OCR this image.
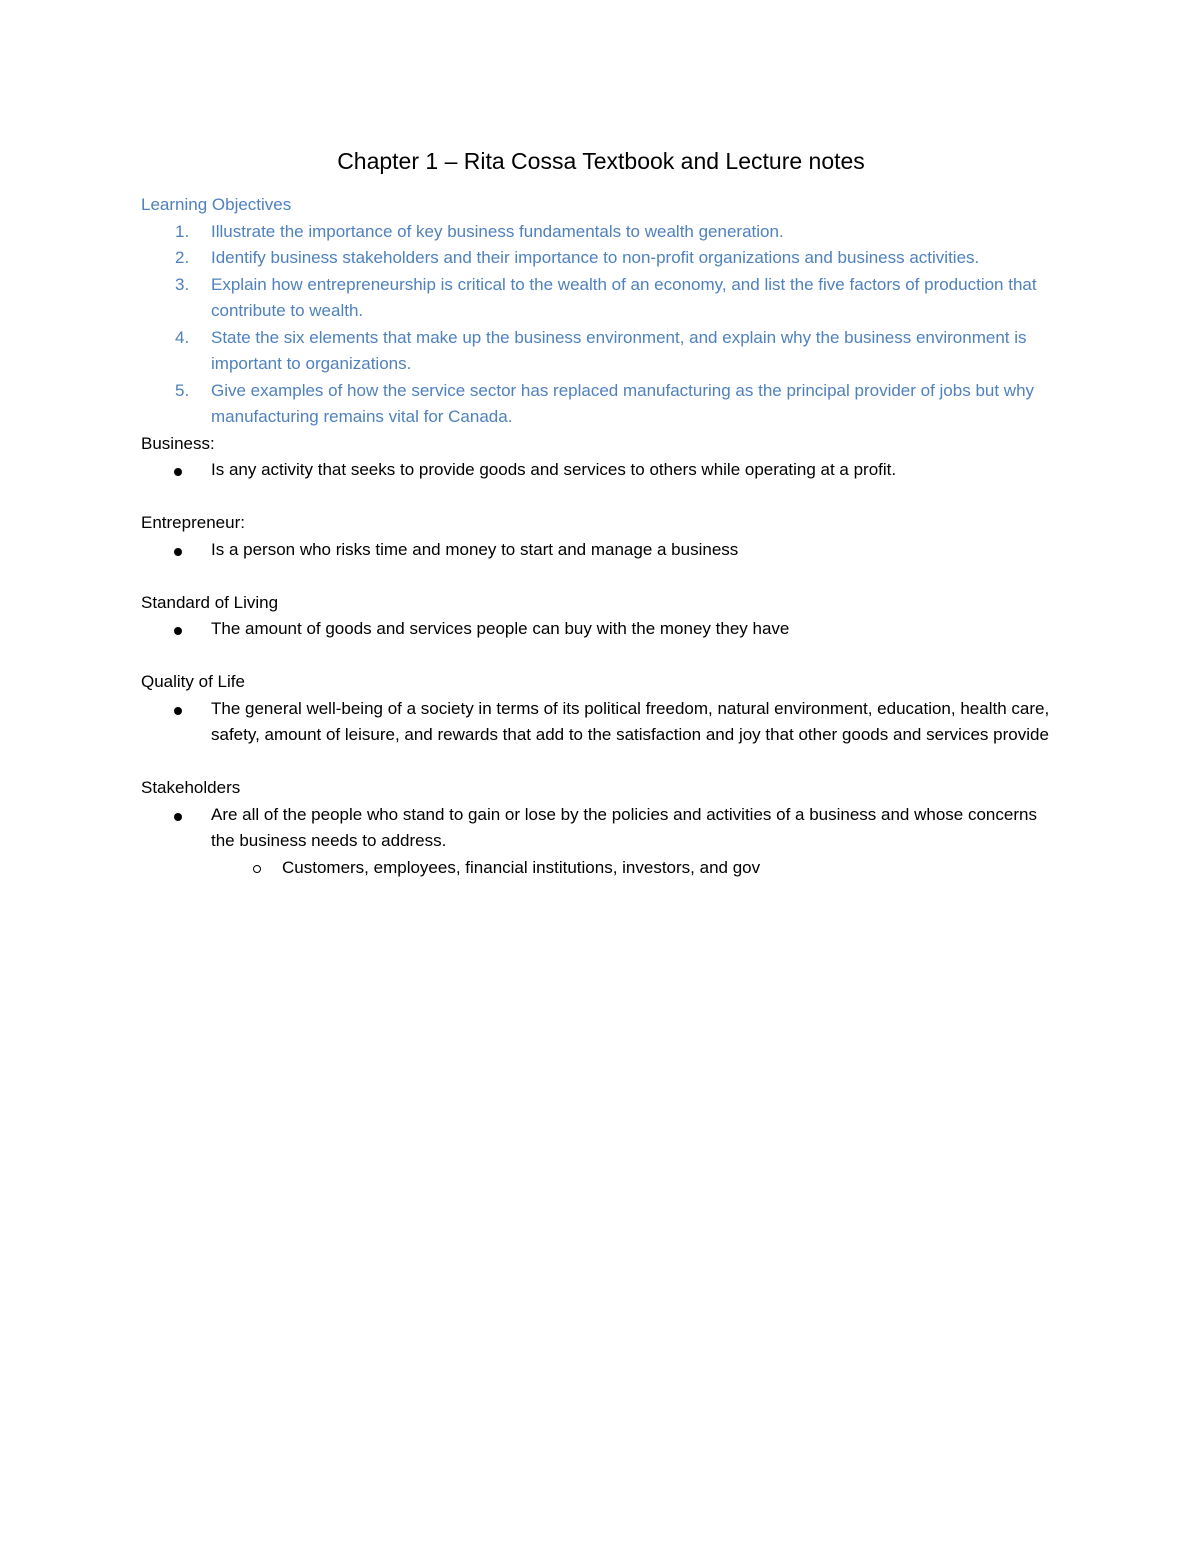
Chapter 1 – Rita Cossa Textbook and Lecture notes
Learning Objectives
1. Illustrate the importance of key business fundamentals to wealth generation.
2. Identify business stakeholders and their importance to non-profit organizations and business activities.
3. Explain how entrepreneurship is critical to the wealth of an economy, and list the five factors of production that contribute to wealth.
4. State the six elements that make up the business environment, and explain why the business environment is important to organizations.
5. Give examples of how the service sector has replaced manufacturing as the principal provider of jobs but why manufacturing remains vital for Canada.
Business:
Is any activity that seeks to provide goods and services to others while operating at a profit.
Entrepreneur:
Is a person who risks time and money to start and manage a business
Standard of Living
The amount of goods and services people can buy with the money they have
Quality of Life
The general well-being of a society in terms of its political freedom, natural environment, education, health care, safety, amount of leisure, and rewards that add to the satisfaction and joy that other goods and services provide
Stakeholders
Are all of the people who stand to gain or lose by the policies and activities of a business and whose concerns the business needs to address.
Customers, employees, financial institutions, investors, and gov
